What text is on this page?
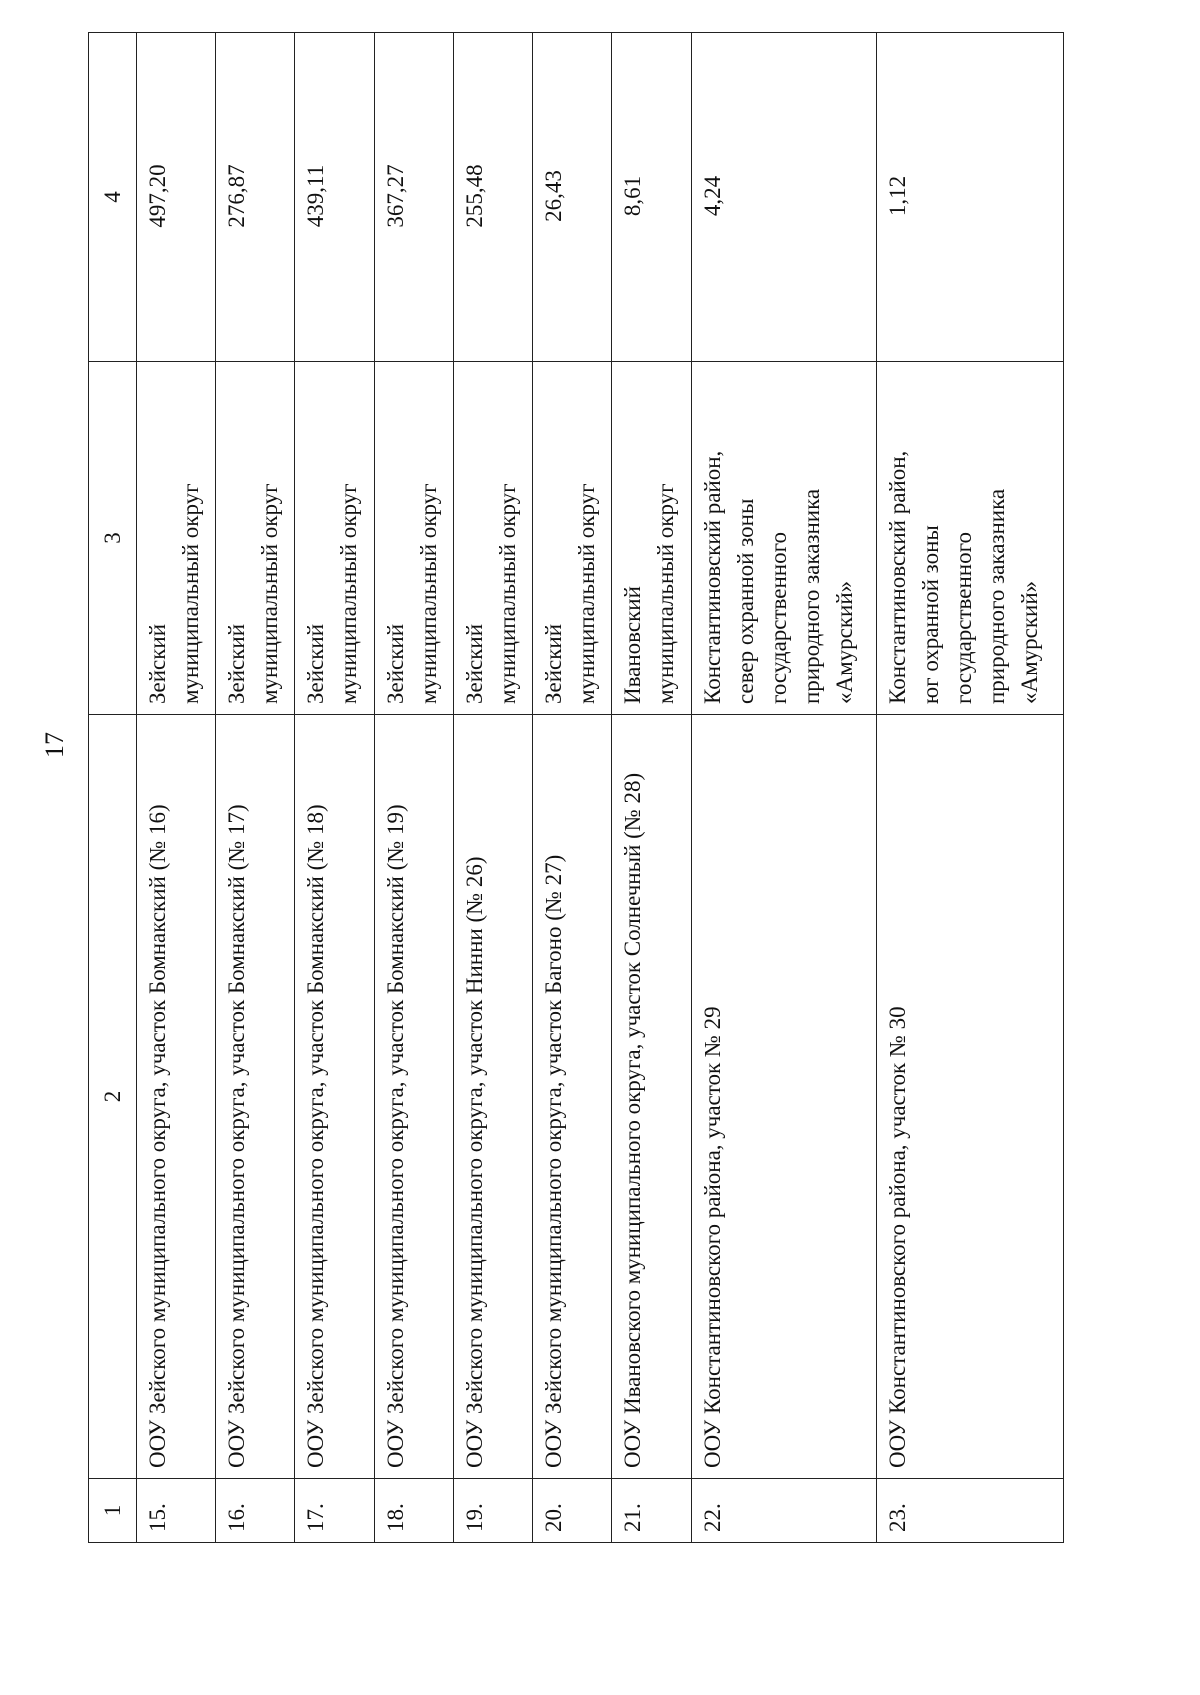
17
1	2	3	4
15.	ООУ Зейского муниципального округа, участок Бомнакский (№ 16)	Зейский
муниципальный округ	497,20
16.	ООУ Зейского муниципального округа, участок Бомнакский (№ 17)	Зейский
муниципальный округ	276,87
17.	ООУ Зейского муниципального округа, участок Бомнакский (№ 18)	Зейский
муниципальный округ	439,11
18.	ООУ Зейского муниципального округа, участок Бомнакский (№ 19)	Зейский
муниципальный округ	367,27
19.	ООУ Зейского муниципального округа, участок Нинни (№ 26)	Зейский
муниципальный округ	255,48
20.	ООУ Зейского муниципального округа, участок Багоно (№ 27)	Зейский
муниципальный округ	26,43
21.	ООУ Ивановского муниципального округа, участок Солнечный (№ 28)	Ивановский
муниципальный округ	8,61
22.	ООУ Константиновского района, участок № 29	Константиновский район,
север охранной зоны
государственного
природного заказника
«Амурский»	4,24
23.	ООУ Константиновского района, участок № 30	Константиновский район,
юг охранной зоны
государственного
природного заказника
«Амурский»	1,12
